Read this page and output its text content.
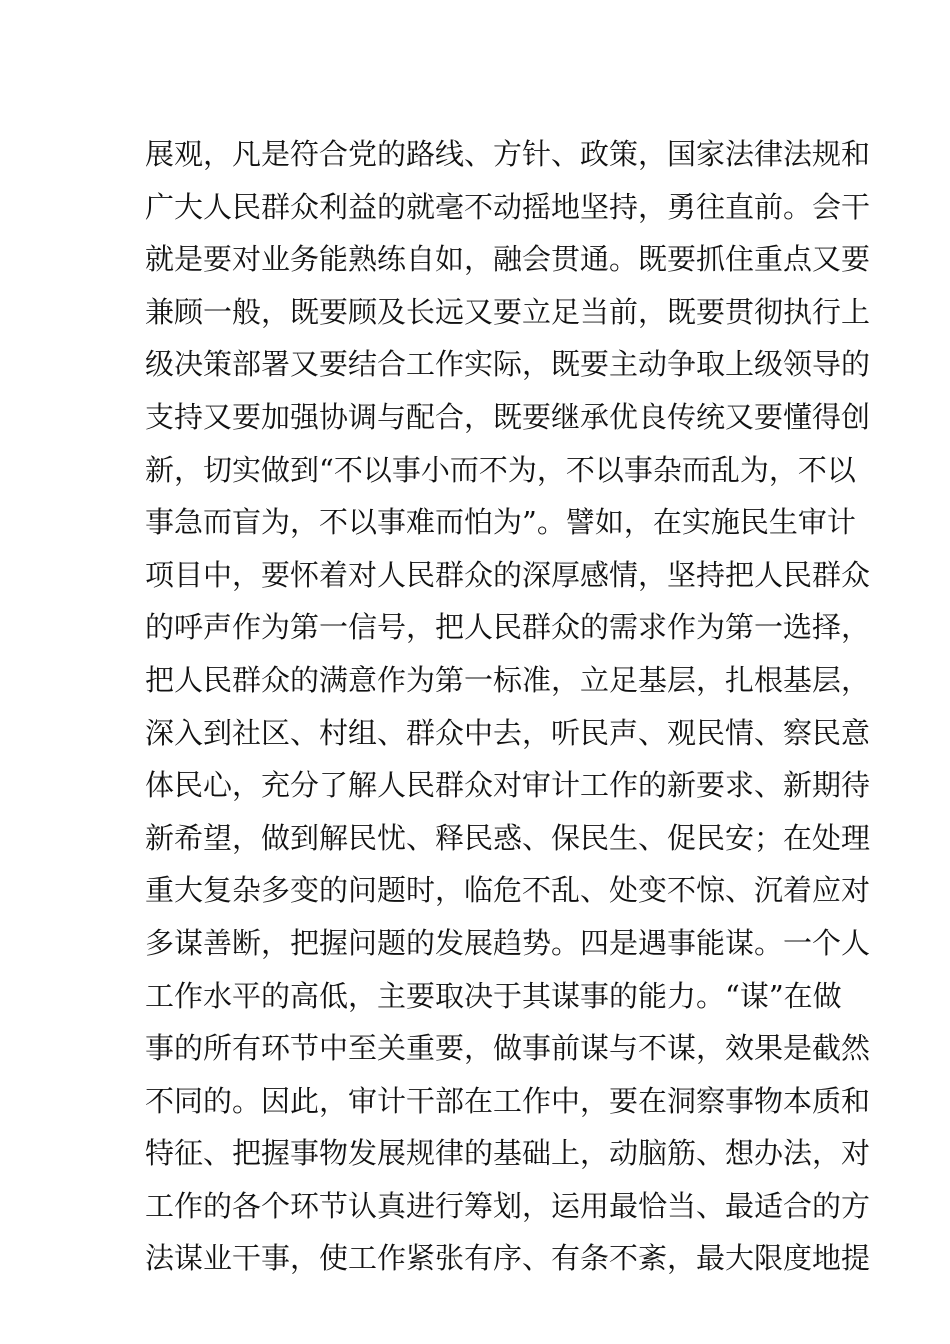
展观，凡是符合党的路线、方针、政策，国家法律法规和
广大人民群众利益的就毫不动摇地坚持，勇往直前。会干
就是要对业务能熟练自如，融会贯通。既要抓住重点又要
兼顾一般，既要顾及长远又要立足当前，既要贯彻执行上
级决策部署又要结合工作实际，既要主动争取上级领导的
支持又要加强协调与配合，既要继承优良传统又要懂得创
新，切实做到“不以事小而不为，不以事杂而乱为，不以
事急而盲为，不以事难而怕为”。譬如，在实施民生审计
项目中，要怀着对人民群众的深厚感情，坚持把人民群众
的呼声作为第一信号，把人民群众的需求作为第一选择，
把人民群众的满意作为第一标准，立足基层，扎根基层，
深入到社区、村组、群众中去，听民声、观民情、察民意
体民心，充分了解人民群众对审计工作的新要求、新期待
新希望，做到解民忧、释民惑、保民生、促民安；在处理
重大复杂多变的问题时，临危不乱、处变不惊、沉着应对
多谋善断，把握问题的发展趋势。四是遇事能谋。一个人
工作水平的高低，主要取决于其谋事的能力。“谋”在做
事的所有环节中至关重要，做事前谋与不谋，效果是截然
不同的。因此，审计干部在工作中，要在洞察事物本质和
特征、把握事物发展规律的基础上，动脑筋、想办法，对
工作的各个环节认真进行筹划，运用最恰当、最适合的方
法谋业干事，使工作紧张有序、有条不紊，最大限度地提
